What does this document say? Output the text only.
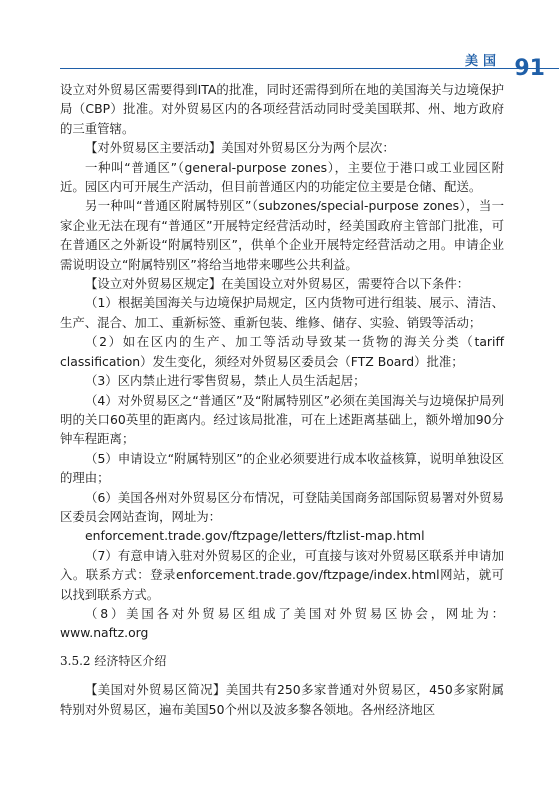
美国 91

设立对外贸易区需要得到ITA的批准，同时还需得到所在地的美国海关与边境保护局（CBP）批准。对外贸易区内的各项经营活动同时受美国联邦、州、地方政府的三重管辖。

【对外贸易区主要活动】美国对外贸易区分为两个层次：

一种叫“普通区”（general-purpose zones），主要位于港口或工业园区附近。园区内可开展生产活动，但目前普通区内的功能定位主要是仓储、配送。

另一种叫“普通区附属特别区”（subzones/special-purpose zones），当一家企业无法在现有“普通区”开展特定经营活动时，经美国政府主管部门批准，可在普通区之外新设“附属特别区”，供单个企业开展特定经营活动之用。申请企业需说明设立“附属特别区”将给当地带来哪些公共利益。

【设立对外贸易区规定】在美国设立对外贸易区，需要符合以下条件：

（1）根据美国海关与边境保护局规定，区内货物可进行组装、展示、清洁、生产、混合、加工、重新标签、重新包装、维修、储存、实验、销毁等活动；

（2）如在区内的生产、加工等活动导致某一货物的海关分类（tariff classification）发生变化，须经对外贸易区委员会（FTZ Board）批准；

（3）区内禁止进行零售贸易，禁止人员生活起居；

（4）对外贸易区之“普通区”及“附属特别区”必须在美国海关与边境保护局列明的关口60英里的距离内。经过该局批准，可在上述距离基础上，额外增加90分钟车程距离；

（5）申请设立“附属特别区”的企业必须要进行成本收益核算，说明单独设区的理由；

（6）美国各州对外贸易区分布情况，可登陆美国商务部国际贸易署对外贸易区委员会网站查询，网址为：

enforcement.trade.gov/ftzpage/letters/ftzlist-map.html

（7）有意申请入驻对外贸易区的企业，可直接与该对外贸易区联系并申请加入。联系方式：登录enforcement.trade.gov/ftzpage/index.html网站，就可以找到联系方式。

（8）美国各对外贸易区组成了美国对外贸易区协会，网址为：www.naftz.org

3.5.2 经济特区介绍

【美国对外贸易区简况】美国共有250多家普通对外贸易区，450多家附属特别对外贸易区，遍布美国50个州以及波多黎各领地。各州经济地区
